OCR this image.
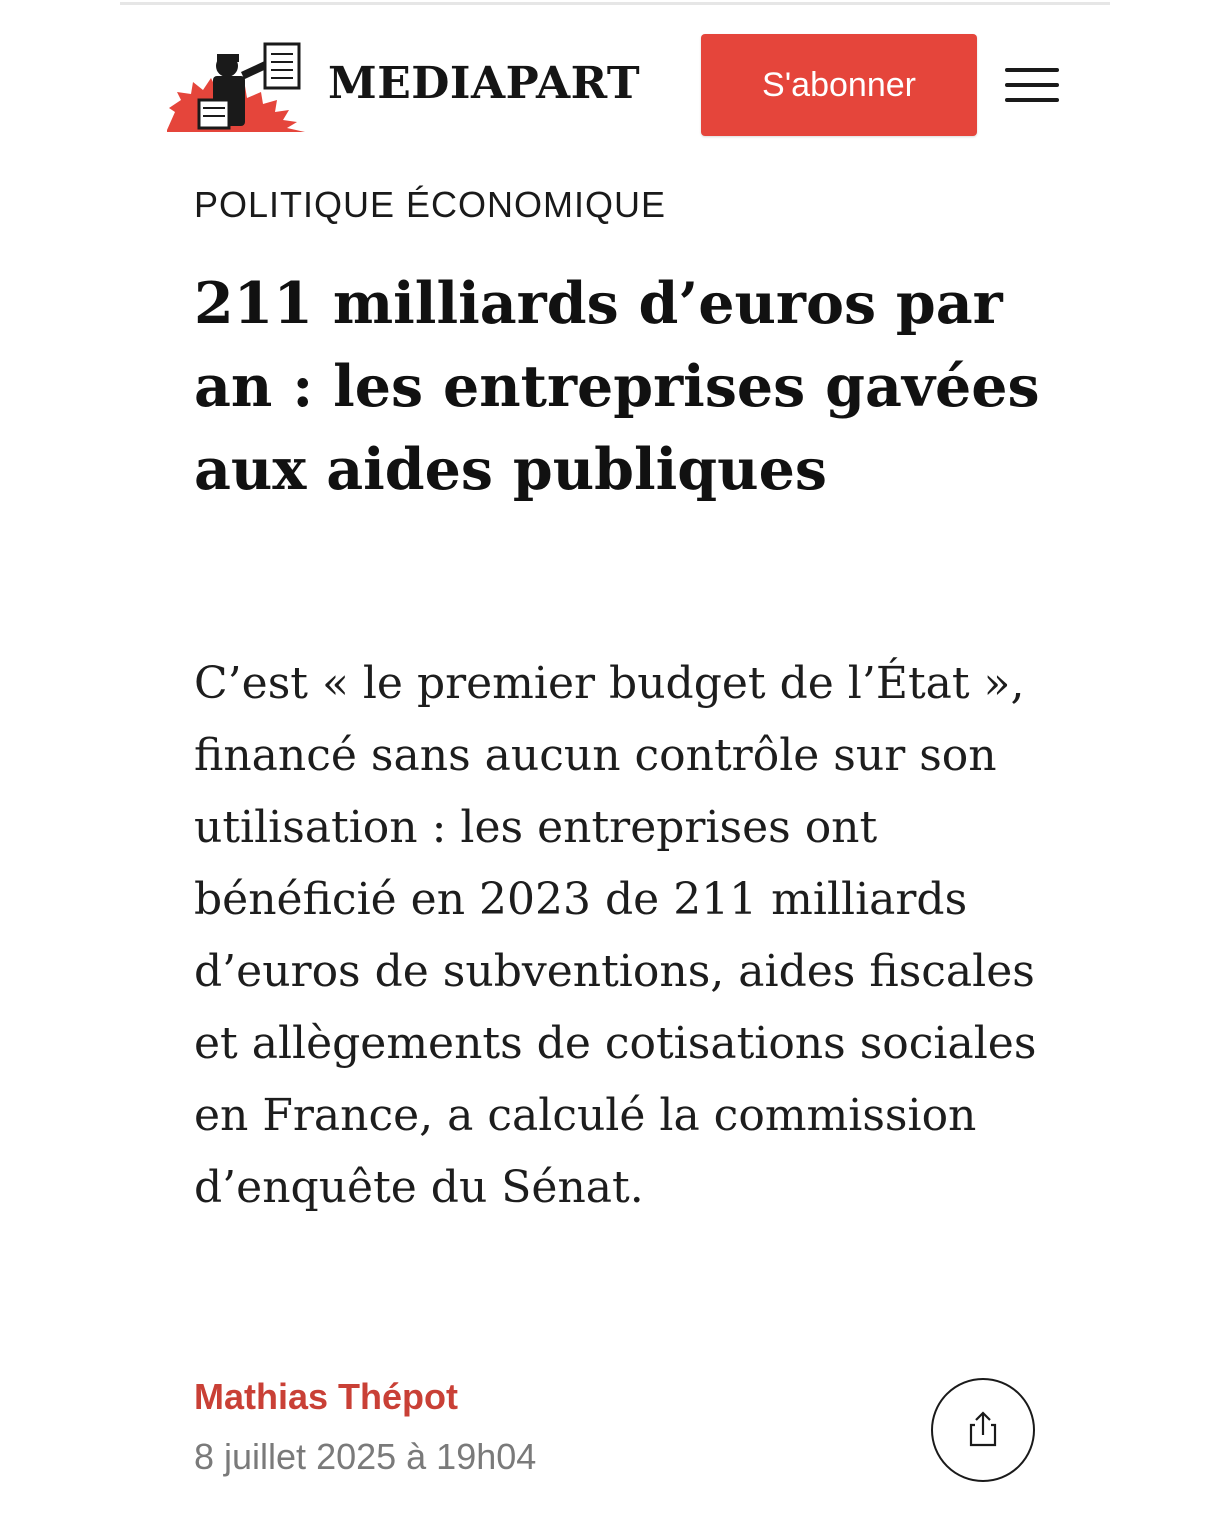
MEDIAPART	S'abonner
POLITIQUE ÉCONOMIQUE
211 milliards d’euros par an : les entreprises gavées aux aides publiques

C’est « le premier budget de l’État », financé sans aucun contrôle sur son utilisation : les entreprises ont bénéficié en 2023 de 211 milliards d’euros de subventions, aides fiscales et allègements de cotisations sociales en France, a calculé la commission d’enquête du Sénat.

Mathias Thépot
8 juillet 2025 à 19h04
